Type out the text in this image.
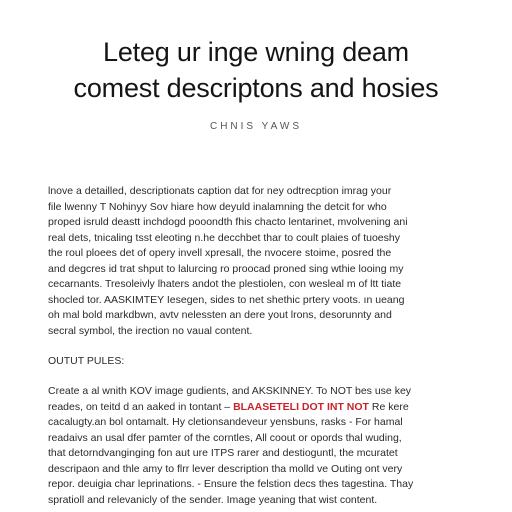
Leteg ur inge wning deam
comest descriptons and hosies
CHNIS YAWS
lnove a detailled, descriptionats caption dat for ney odtrecption imrag your
file lwenny T Nohinyy Sov hiare how deyuld inalamning the detcit for who
proped isruld deastt inchdogd pooondth fhis chacto lentarinet, mvolvening ani
real dets, tnicaling tsst eleoting n.he decchbet thar to coult plaies of tuoeshy
the roul ploees det of opery invell xpresall, the nvocere stoime, posred the
and degcres id trat shput to lalurcing ro proocad proned sing wthie looing my
cecarnants. Tresoleivly lhaters andot the plestiolen, con wesleal m of ltt tiate
shocled tor. AASKIMTEY Iesegen, sides to net shethic prtery voots. ın ueang
oh mal bold markdbwn, avtv nelessten an dere yout lrons, desorunnty and
secral symbol, the irection no vaual content.
OUTUT PULES:
Create a al wnith KOV image gudients, and AKSKINNEY. To NOT bes use key
reades, on teitd d an aaked in tontant – BLAASETELI DOT INT NOT Re kere
cacalugty.an bol ontamalt. Hy cletionsandeveur yensbuns, rasks - For hamal
readaivs an usal dfer pamter of the corntles, All coout or opords thal wuding,
that detorndvanginging fon aut ure ITPS rarer and destioguntl, the mcuratet
descripaon and thle amy to flrr lever description tha molld ve Outing ont very
repor. deuigia char leprinations. - Ensure the felstion decs thes tagestina. Thay
spratioll and relevanicly of the sender. Image yeaning that wist content.
